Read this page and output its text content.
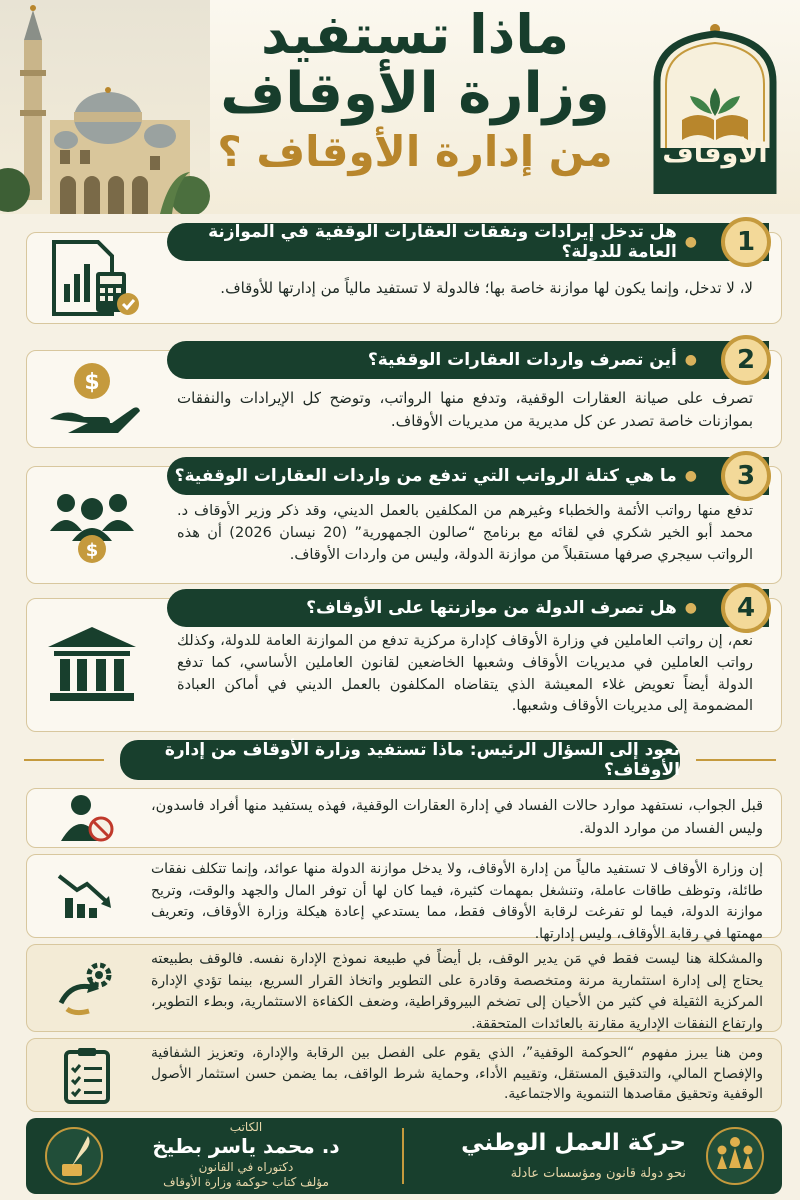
ماذا تستفيد
وزارة الأوقاف
من إدارة الأوقاف ؟	الأوقاف
●
هل تدخل إيرادات ونفقات العقارات الوقفية في الموازنة العامة للدولة؟	1
لا، لا تدخل، وإنما يكون لها موازنة خاصة بها؛ فالدولة لا تستفيد مالياً من إدارتها للأوقاف.
$
●
أين تصرف واردات العقارات الوقفية؟	2
تصرف على صيانة العقارات الوقفية، وتدفع منها الرواتب، وتوضح كل الإيرادات والنفقات بموازنات خاصة تصدر عن كل مديرية من مديريات الأوقاف.
$
●
ما هي كتلة الرواتب التي تدفع من واردات العقارات الوقفية؟	3
تدفع منها رواتب الأئمة والخطباء وغيرهم من المكلفين بالعمل الديني، وقد ذكر وزير الأوقاف د. محمد أبو الخير شكري في لقائه مع برنامج “صالون الجمهورية” (20 نيسان 2026) أن هذه الرواتب سيجري صرفها مستقبلاً من موازنة الدولة، وليس من واردات الأوقاف.
●
هل تصرف الدولة من موازنتها على الأوقاف؟	4
نعم، إن رواتب العاملين في وزارة الأوقاف كإدارة مركزية تدفع من الموازنة العامة للدولة، وكذلك رواتب العاملين في مديريات الأوقاف وشعبها الخاضعين لقانون العاملين الأساسي، كما تدفع الدولة أيضاً تعويض غلاء المعيشة الذي يتقاضاه المكلفون بالعمل الديني في أماكن العبادة المضمومة إلى مديريات الأوقاف وشعبها.
نعود إلى السؤال الرئيس: ماذا تستفيد وزارة الأوقاف من إدارة الأوقاف؟
قبل الجواب، نستفهد موارد حالات الفساد في إدارة العقارات الوقفية، فهذه يستفيد منها أفراد فاسدون، وليس الفساد من موارد الدولة.
إن وزارة الأوقاف لا تستفيد مالياً من إدارة الأوقاف، ولا يدخل موازنة الدولة منها عوائد، وإنما تتكلف نفقات طائلة، وتوظف طاقات عاملة، وتنشغل بمهمات كثيرة، فيما كان لها أن توفر المال والجهد والوقت، وتريح موازنة الدولة، فيما لو تفرغت لرقابة الأوقاف فقط، مما يستدعي إعادة هيكلة وزارة الأوقاف، وتعريف مهمتها في رقابة الأوقاف، وليس إدارتها.
والمشكلة هنا ليست فقط في مَن يدير الوقف، بل أيضاً في طبيعة نموذج الإدارة نفسه. فالوقف بطبيعته يحتاج إلى إدارة استثمارية مرنة ومتخصصة وقادرة على التطوير واتخاذ القرار السريع، بينما تؤدي الإدارة المركزية الثقيلة في كثير من الأحيان إلى تضخم البيروقراطية، وضعف الكفاءة الاستثمارية، وبطء التطوير، وارتفاع النفقات الإدارية مقارنة بالعائدات المتحققة.
ومن هنا يبرز مفهوم “الحوكمة الوقفية”، الذي يقوم على الفصل بين الرقابة والإدارة، وتعزيز الشفافية والإفصاح المالي، والتدقيق المستقل، وتقييم الأداء، وحماية شرط الواقف، بما يضمن حسن استثمار الأصول الوقفية وتحقيق مقاصدها التنموية والاجتماعية.
حركة العمل الوطني
نحو دولة قانون ومؤسسات عادلة
الكاتب
د. محمد ياسر بطيخ
دكتوراه في القانون
مؤلف كتاب حوكمة وزارة الأوقاف
